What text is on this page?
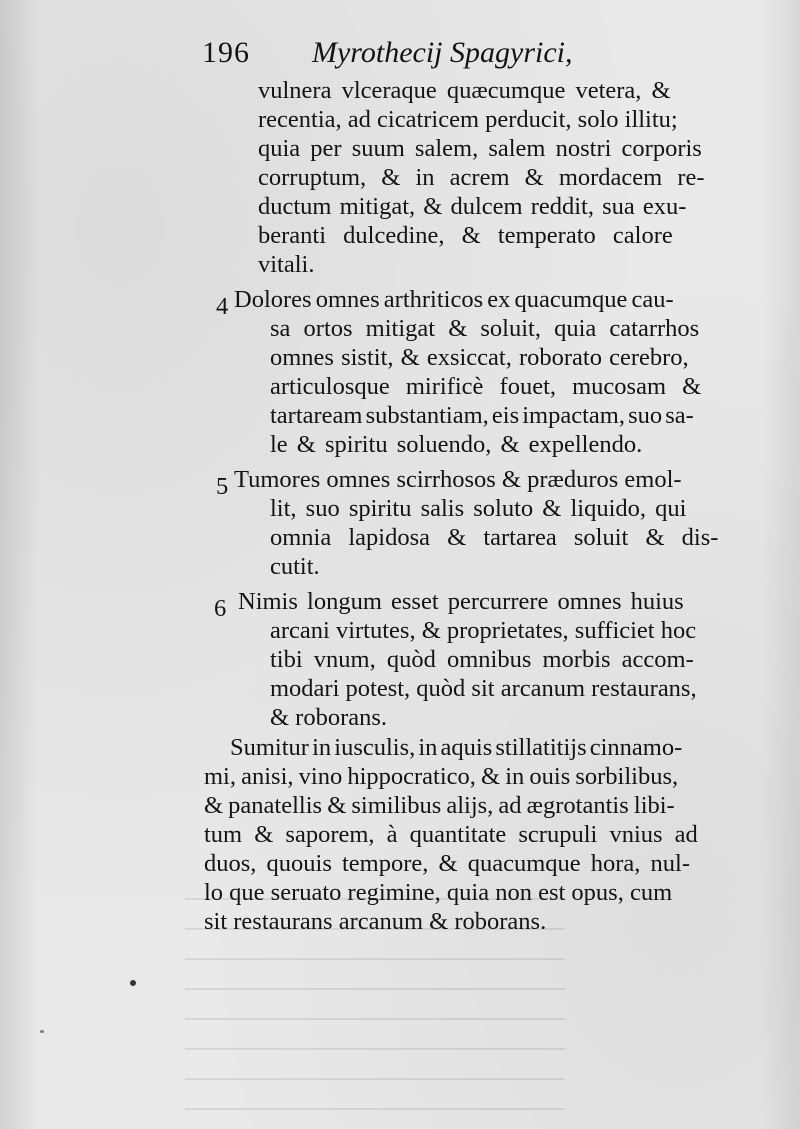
196 Myrothecij Spagyrici,
vulnera vlceraque quæcumque vetera, &
recentia, ad cicatricem perducit, solo illitu;
quia per suum salem, salem nostri corporis
corruptum, & in acrem & mordacem re-
ductum mitigat, & dulcem reddit, sua exu-
beranti dulcedine, & temperato calore
vitali.
4 Dolores omnes arthriticos ex quacumque cau-
sa ortos mitigat & soluit, quia catarrhos
omnes sistit, & exsiccat, roborato cerebro,
articulosque mirificè fouet, mucosam &
tartaream substantiam, eis impactam, suo sa-
le & spiritu soluendo, & expellendo.
5 Tumores omnes scirrhosos & præduros emol-
lit, suo spiritu salis soluto & liquido, qui
omnia lapidosa & tartarea soluit & dis-
cutit.
6 Nimis longum esset percurrere omnes huius
arcani virtutes, & proprietates, sufficiet hoc
tibi vnum, quòd omnibus morbis accom-
modari potest, quòd sit arcanum restaurans,
& roborans.
Sumitur in iusculis, in aquis stillatitijs cinnamo-
mi, anisi, vino hippocratico, & in ouis sorbilibus,
& panatellis & similibus alijs, ad ægrotantis libi-
tum & saporem, à quantitate scrupuli vnius ad
duos, quouis tempore, & quacumque hora, nul-
lo que seruato regimine, quia non est opus, cum
sit restaurans arcanum & roborans.
